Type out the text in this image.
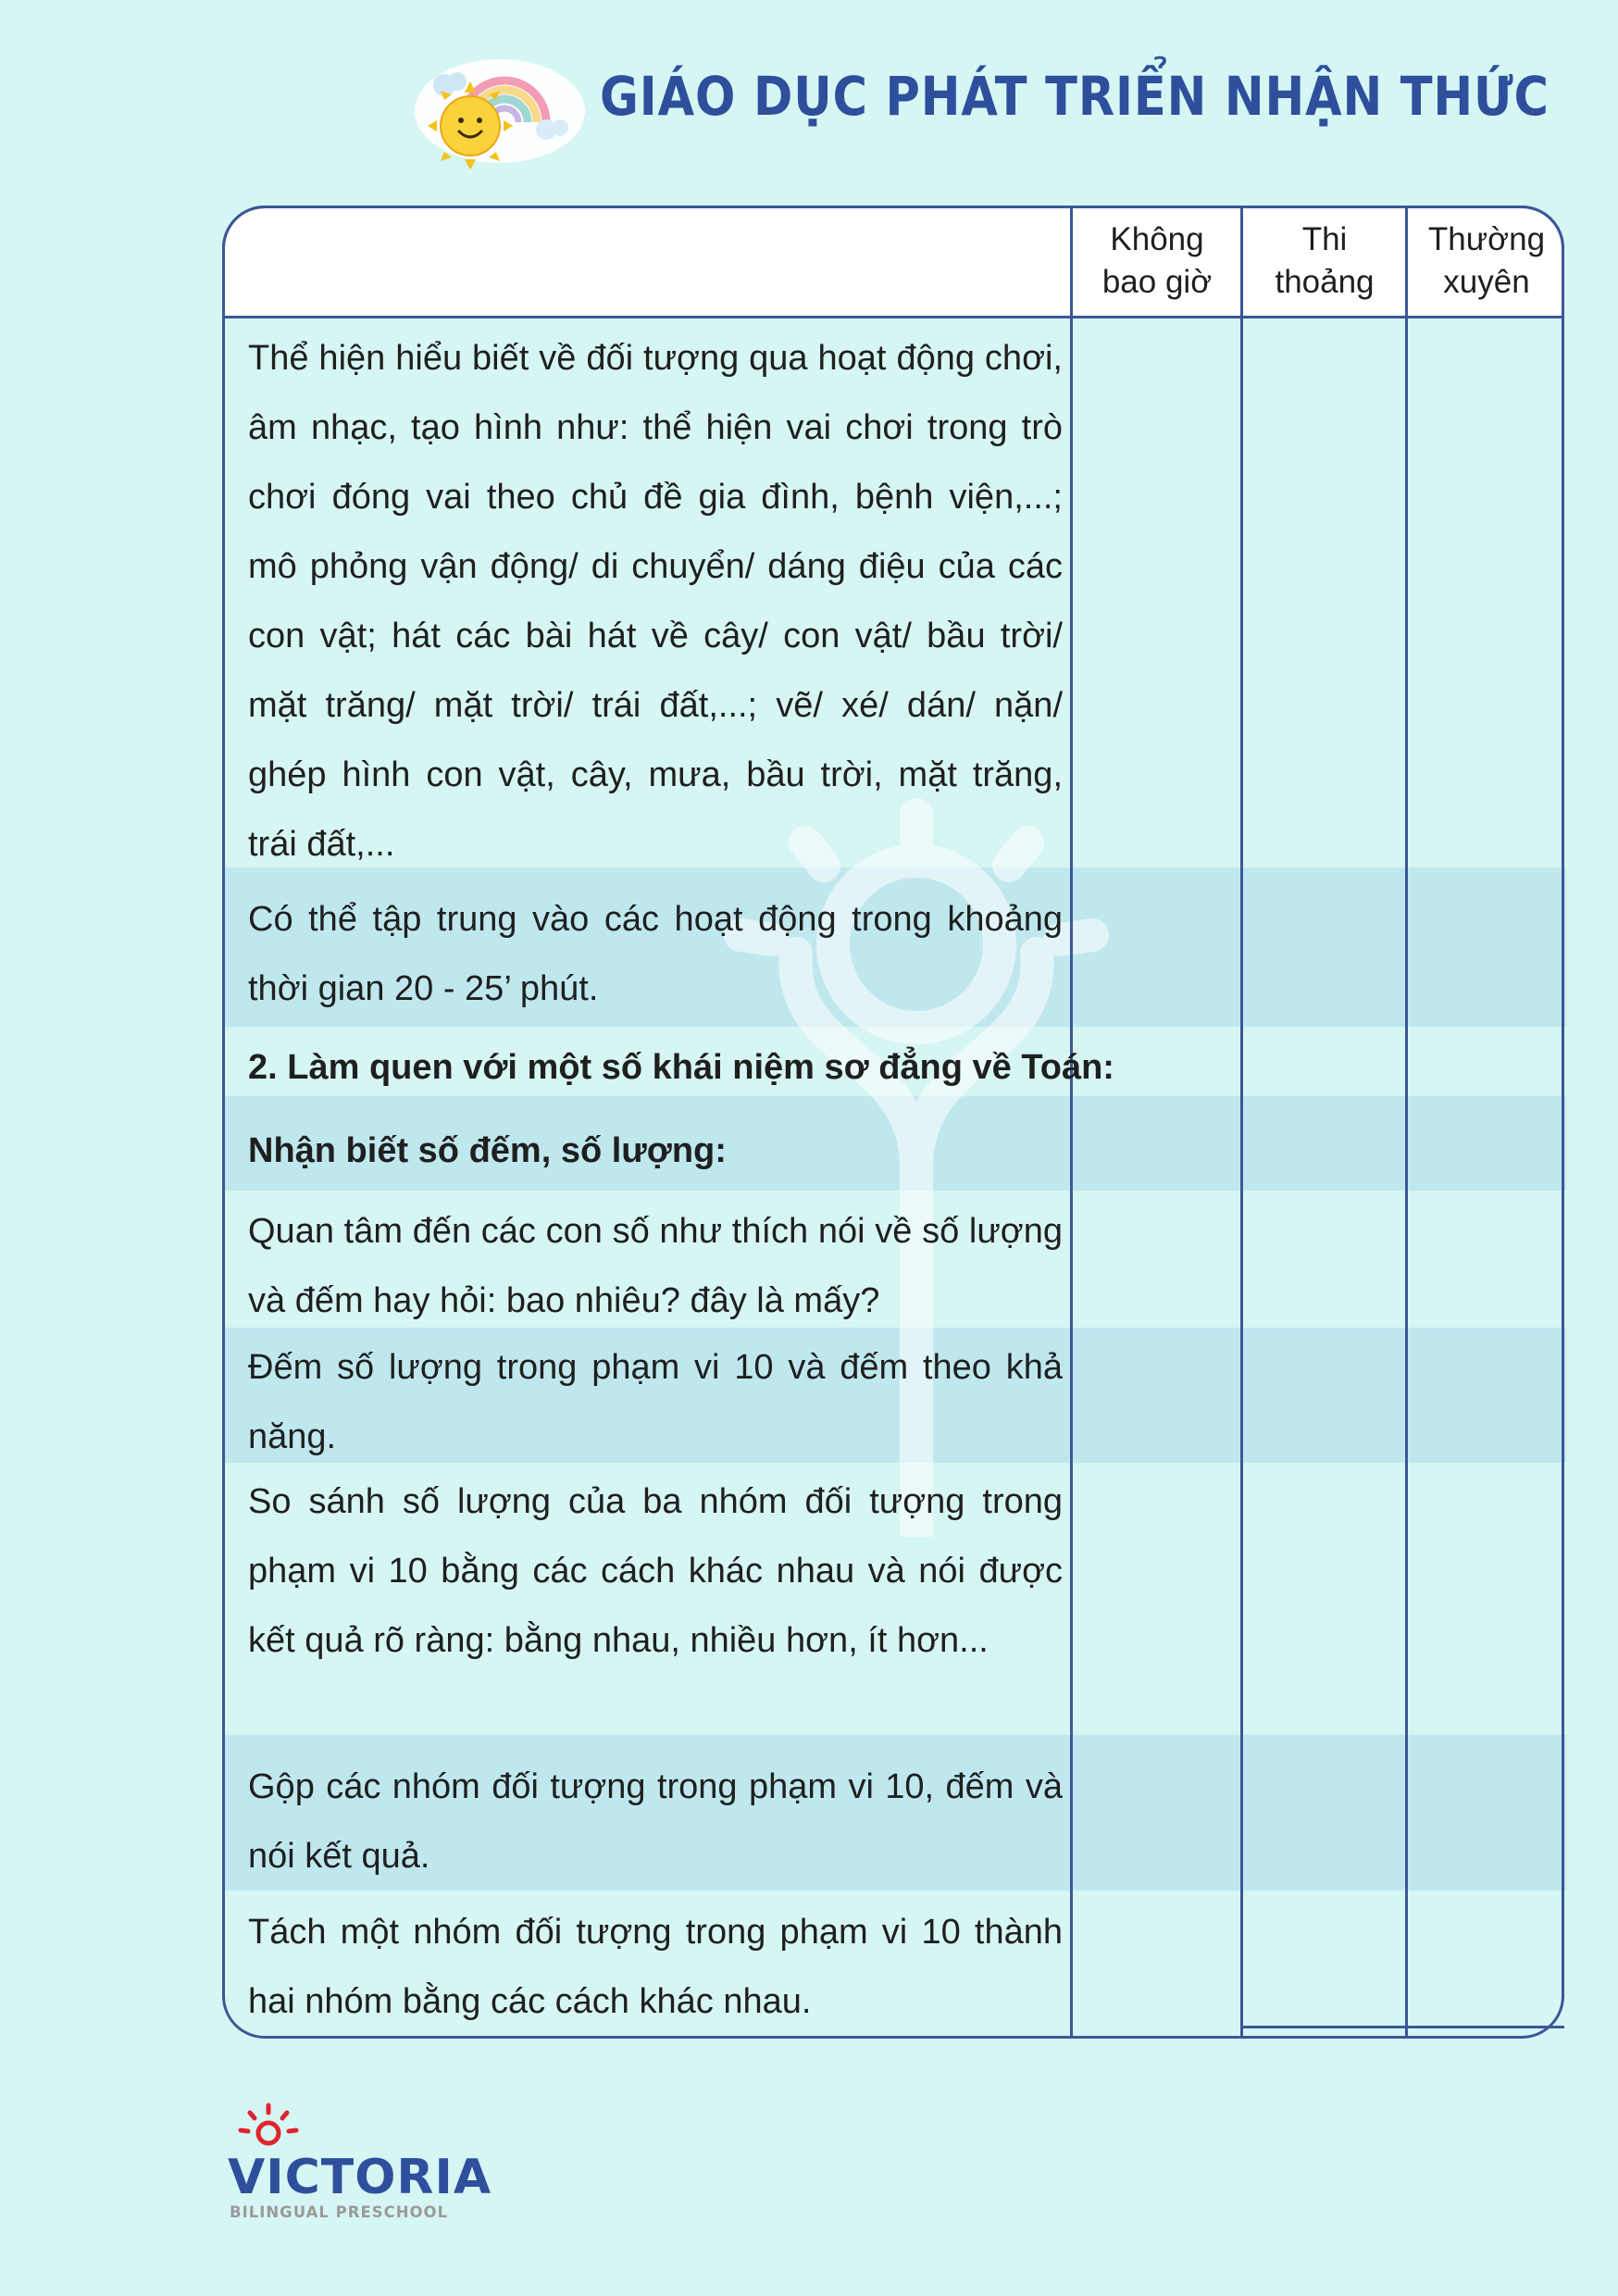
GIÁO DỤC PHÁT TRIỂN NHẬN THỨC
Không
bao giờ
Thi
thoảng
Thường
xuyên
Thể hiện hiểu biết về đối tượng qua hoạt động chơi, âm nhạc, tạo hình như: thể hiện vai chơi trong trò chơi đóng vai theo chủ đề gia đình, bệnh viện,...; mô phỏng vận động/ di chuyển/ dáng điệu của các con vật; hát các bài hát về cây/ con vật/ bầu trời/ mặt trăng/ mặt trời/ trái đất,...; vẽ/ xé/ dán/ nặn/ ghép hình con vật, cây, mưa, bầu trời, mặt trăng, trái đất,...
Có thể tập trung vào các hoạt động trong khoảng thời gian 20 - 25’ phút.
2. Làm quen với một số khái niệm sơ đẳng về Toán:
Nhận biết số đếm, số lượng:
Quan tâm đến các con số như thích nói về số lượng và đếm hay hỏi: bao nhiêu? đây là mấy?
Đếm số lượng trong phạm vi 10 và đếm theo khả năng.
So sánh số lượng của ba nhóm đối tượng trong phạm vi 10 bằng các cách khác nhau và nói được kết quả rõ ràng: bằng nhau, nhiều hơn, ít hơn...
Gộp các nhóm đối tượng trong phạm vi 10, đếm và nói kết quả.
Tách một nhóm đối tượng trong phạm vi 10 thành hai nhóm bằng các cách khác nhau.
VICTORIA
BILINGUAL PRESCHOOL
